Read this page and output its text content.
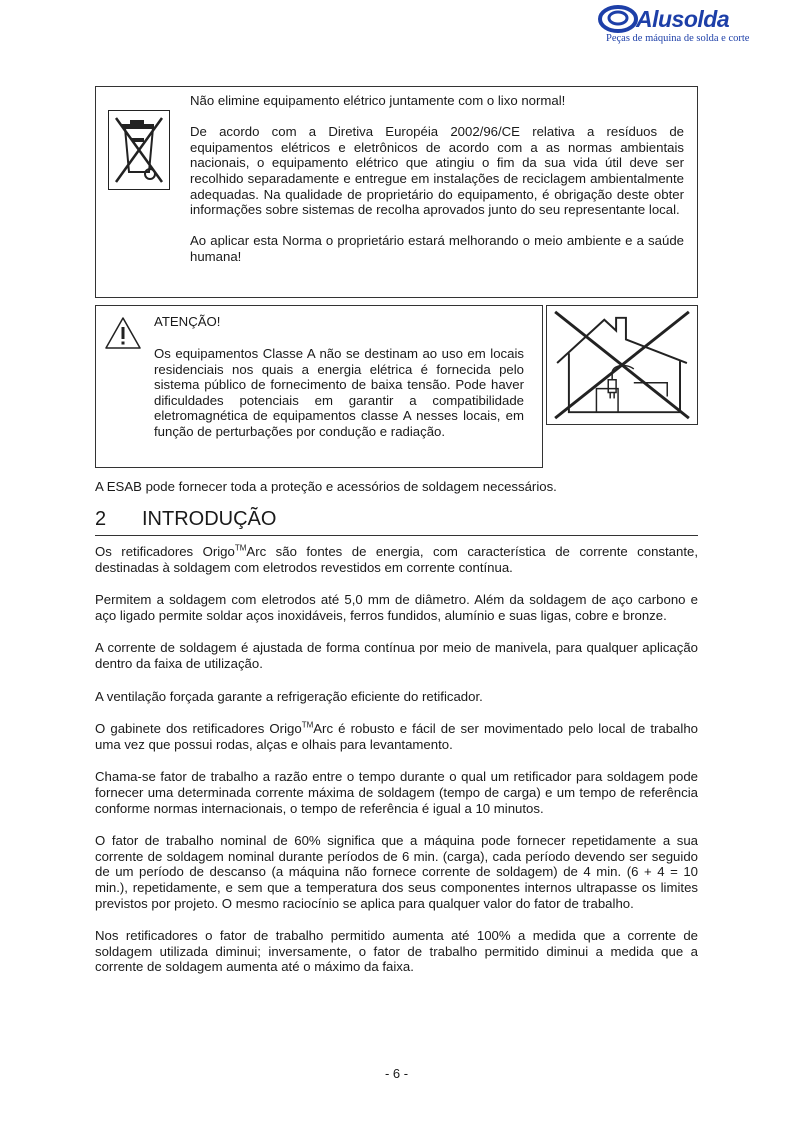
Alusolda
Peças de máquina de solda e corte

Não elimine equipamento elétrico juntamente com o lixo normal!

De acordo com a Diretiva Européia 2002/96/CE relativa a resíduos de equipamentos elétricos e eletrônicos de acordo com a as normas ambientais nacionais, o equipamento elétrico que atingiu o fim da sua vida útil deve ser recolhido separadamente e entregue em instalações de reciclagem ambientalmente adequadas. Na qualidade de proprietário do equipamento, é obrigação deste obter informações sobre sistemas de recolha aprovados junto do seu representante local.

Ao aplicar esta Norma o proprietário estará melhorando o meio ambiente e a saúde humana!

ATENÇÃO!
Os equipamentos Classe A não se destinam ao uso em locais residenciais nos quais a energia elétrica é fornecida pelo sistema público de fornecimento de baixa tensão. Pode haver dificuldades potenciais em garantir a compatibilidade eletromagnética de equipamentos classe A nesses locais, em função de perturbações por condução e radiação.
A ESAB pode fornecer toda a proteção e acessórios de soldagem necessários.
2 INTRODUÇÃO

Os retificadores Origo™Arc são fontes de energia, com característica de corrente constante, destinadas à soldagem com eletrodos revestidos em corrente contínua.

Permitem a soldagem com eletrodos até 5,0 mm de diâmetro. Além da soldagem de aço carbono e aço ligado permite soldar aços inoxidáveis, ferros fundidos, alumínio e suas ligas, cobre e bronze.

A corrente de soldagem é ajustada de forma contínua por meio de manivela, para qualquer aplicação dentro da faixa de utilização.

A ventilação forçada garante a refrigeração eficiente do retificador.

O gabinete dos retificadores Origo™Arc é robusto e fácil de ser movimentado pelo local de trabalho uma vez que possui rodas, alças e olhais para levantamento.

Chama-se fator de trabalho a razão entre o tempo durante o qual um retificador para soldagem pode fornecer uma determinada corrente máxima de soldagem (tempo de carga) e um tempo de referência conforme normas internacionais, o tempo de referência é igual a 10 minutos.

O fator de trabalho nominal de 60% significa que a máquina pode fornecer repetidamente a sua corrente de soldagem nominal durante períodos de 6 min. (carga), cada período devendo ser seguido de um período de descanso (a máquina não fornece corrente de soldagem) de 4 min. (6 + 4 = 10 min.), repetidamente, e sem que a temperatura dos seus componentes internos ultrapasse os limites previstos por projeto. O mesmo raciocínio se aplica para qualquer valor do fator de trabalho.

Nos retificadores o fator de trabalho permitido aumenta até 100% a medida que a corrente de soldagem utilizada diminui; inversamente, o fator de trabalho permitido diminui a medida que a corrente de soldagem aumenta até o máximo da faixa.

- 6 -
